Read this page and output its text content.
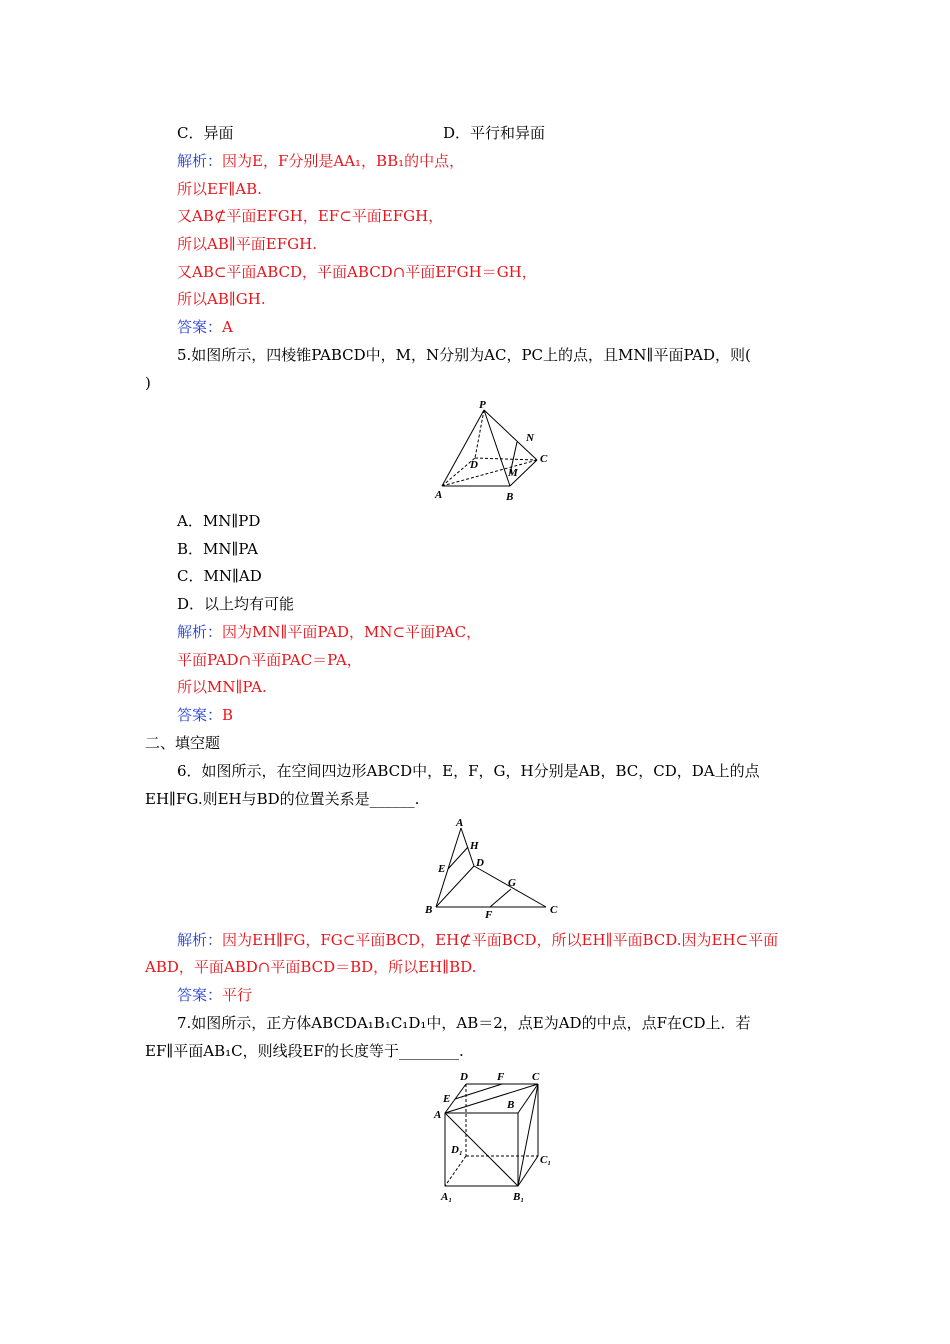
C．异面	D．平行和异面
解析：因为E，F分别是AA₁，BB₁的中点，
所以EF∥AB.
又AB⊄平面EFGH，EF⊂平面EFGH，
所以AB∥平面EFGH.
又AB⊂平面ABCD，平面ABCD∩平面EFGH＝GH，
所以AB∥GH.
答案：A
5.如图所示，四棱锥PABCD中，M，N分别为AC，PC上的点，且MN∥平面PAD，则(
)
P
N
D	C
M
A	B
A．MN∥PD
B．MN∥PA
C．MN∥AD
D．以上均有可能
解析：因为MN∥平面PAD，MN⊂平面PAC，
平面PAD∩平面PAC＝PA，
所以MN∥PA.
答案：B
二、填空题
6．如图所示，在空间四边形ABCD中，E，F，G，H分别是AB，BC，CD，DA上的点
EH∥FG.则EH与BD的位置关系是______.
A
H
D
E
G
B	F	C
解析：因为EH∥FG，FG⊂平面BCD，EH⊄平面BCD，所以EH∥平面BCD.因为EH⊂平面
ABD，平面ABD∩平面BCD＝BD，所以EH∥BD.
答案：平行
7.如图所示，正方体ABCDA₁B₁C₁D₁中，AB＝2，点E为AD的中点，点F在CD上．若
EF∥平面AB₁C，则线段EF的长度等于________.
D	F	C
E	B
A
D₁
C₁
A₁	B₁
